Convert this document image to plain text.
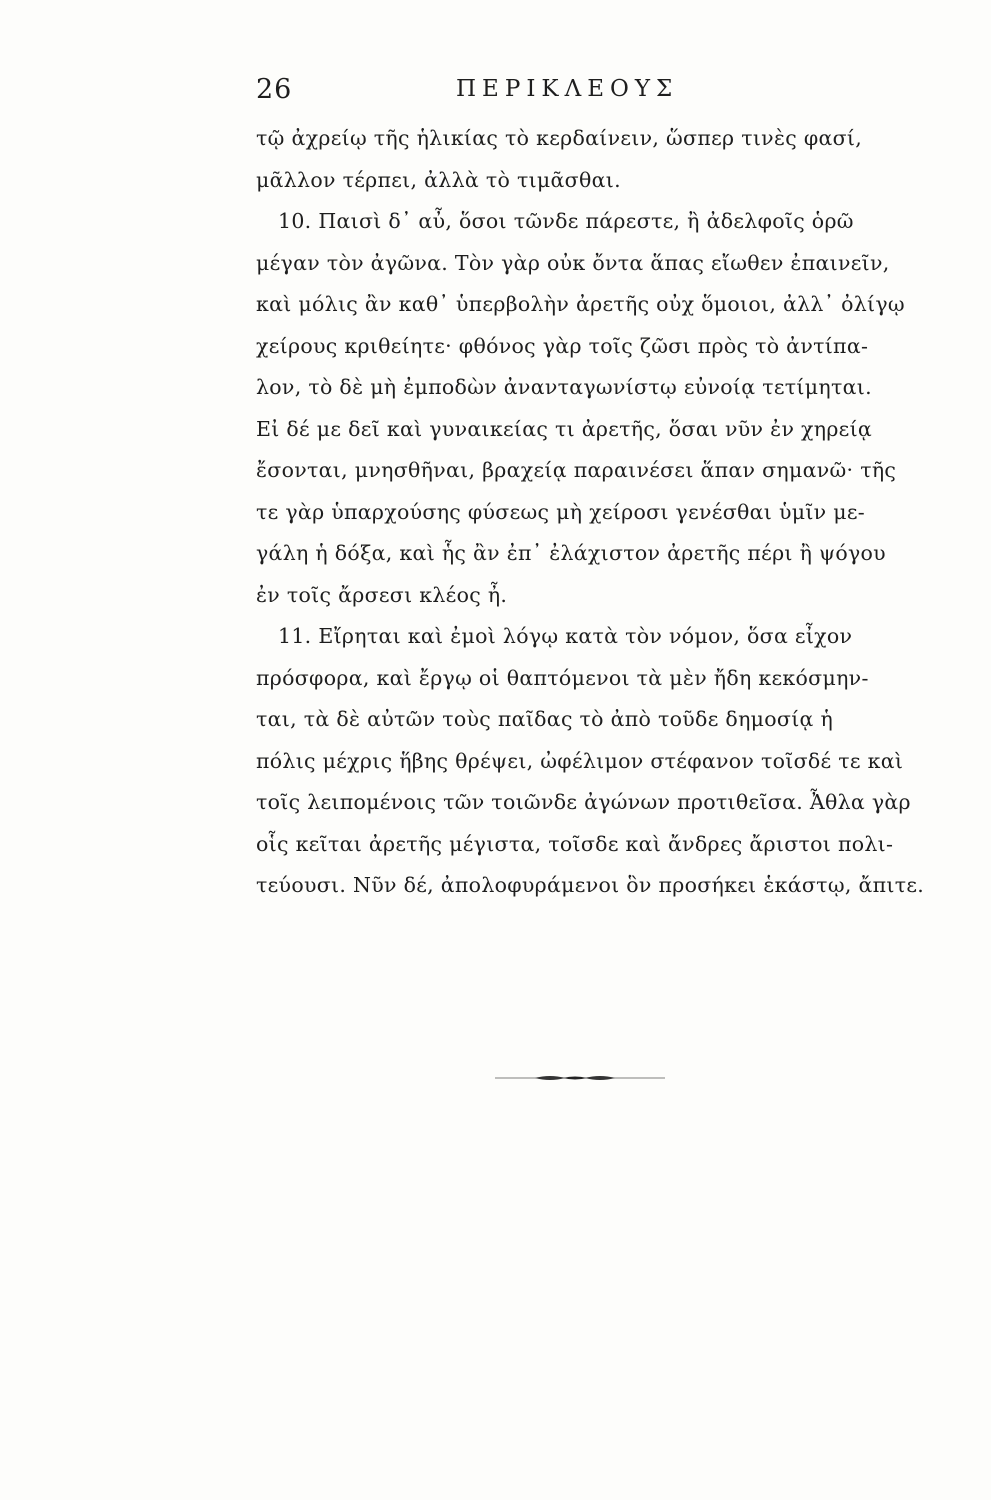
26	ΠΕΡΙΚΛΕΟΥΣ
τῷ ἀχρείῳ τῆς ἡλικίας τὸ κερδαίνειν, ὥσπερ τινὲς φασί,
μᾶλλον τέρπει, ἀλλὰ τὸ τιμᾶσθαι.
10. Παισὶ δ᾽ αὖ, ὅσοι τῶνδε πάρεστε, ἢ ἀδελφοῖς ὁρῶ
μέγαν τὸν ἀγῶνα. Τὸν γὰρ οὐκ ὄντα ἅπας εἴωθεν ἐπαινεῖν,
καὶ μόλις ἂν καθ᾽ ὑπερβολὴν ἀρετῆς οὐχ ὅμοιοι, ἀλλ᾽ ὀλίγῳ
χείρους κριθείητε· φθόνος γὰρ τοῖς ζῶσι πρὸς τὸ ἀντίπα-
λον, τὸ δὲ μὴ ἐμποδὼν ἀνανταγωνίστῳ εὐνοίᾳ τετίμηται.
Εἰ δέ με δεῖ καὶ γυναικείας τι ἀρετῆς, ὅσαι νῦν ἐν χηρείᾳ
ἔσονται, μνησθῆναι, βραχείᾳ παραινέσει ἅπαν σημανῶ· τῆς
τε γὰρ ὑπαρχούσης φύσεως μὴ χείροσι γενέσθαι ὑμῖν με-
γάλη ἡ δόξα, καὶ ἧς ἂν ἐπ᾽ ἐλάχιστον ἀρετῆς πέρι ἢ ψόγου
ἐν τοῖς ἄρσεσι κλέος ἦ.
11. Εἴρηται καὶ ἐμοὶ λόγῳ κατὰ τὸν νόμον, ὅσα εἶχον
πρόσφορα, καὶ ἔργῳ οἱ θαπτόμενοι τὰ μὲν ἤδη κεκόσμην-
ται, τὰ δὲ αὐτῶν τοὺς παῖδας τὸ ἀπὸ τοῦδε δημοσίᾳ ἡ
πόλις μέχρις ἥβης θρέψει, ὠφέλιμον στέφανον τοῖσδέ τε καὶ
τοῖς λειπομένοις τῶν τοιῶνδε ἀγώνων προτιθεῖσα. Ἆθλα γὰρ
οἷς κεῖται ἀρετῆς μέγιστα, τοῖσδε καὶ ἄνδρες ἄριστοι πολι-
τεύουσι. Νῦν δέ, ἀπολοφυράμενοι ὃν προσήκει ἑκάστῳ, ἄπιτε.
